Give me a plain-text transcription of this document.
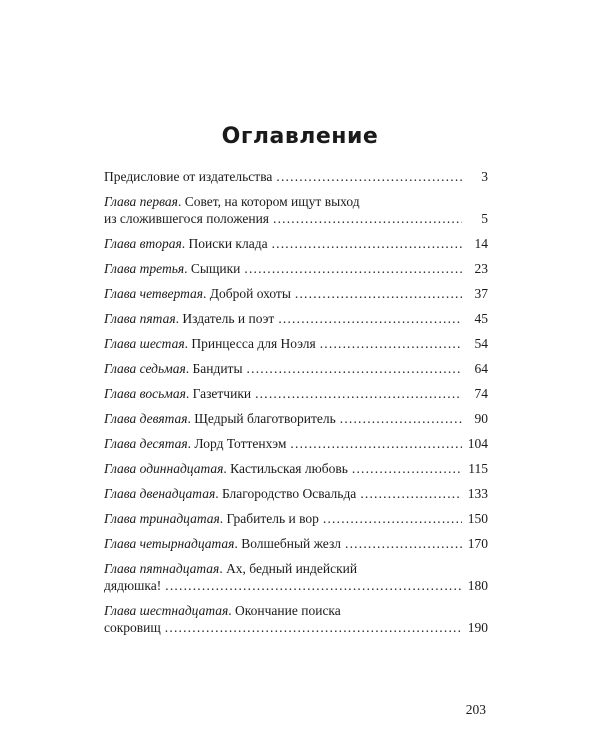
Оглавление
Предисловие от издательства .....	3
Глава первая. Совет, на котором ищут выход
из сложившегося положения .....	5
Глава вторая. Поиски клада .....	14
Глава третья. Сыщики .....	23
Глава четвертая. Доброй охоты .....	37
Глава пятая. Издатель и поэт .....	45
Глава шестая. Принцесса для Ноэля .....	54
Глава седьмая. Бандиты .....	64
Глава восьмая. Газетчики .....	74
Глава девятая. Щедрый благотворитель .....	90
Глава десятая. Лорд Тоттенхэм .....	104
Глава одиннадцатая. Кастильская любовь .....	115
Глава двенадцатая. Благородство Освальда .....	133
Глава тринадцатая. Грабитель и вор .....	150
Глава четырнадцатая. Волшебный жезл .....	170
Глава пятнадцатая. Ах, бедный индейский
дядюшка! .....	180
Глава шестнадцатая. Окончание поиска
сокровищ .....	190
203
